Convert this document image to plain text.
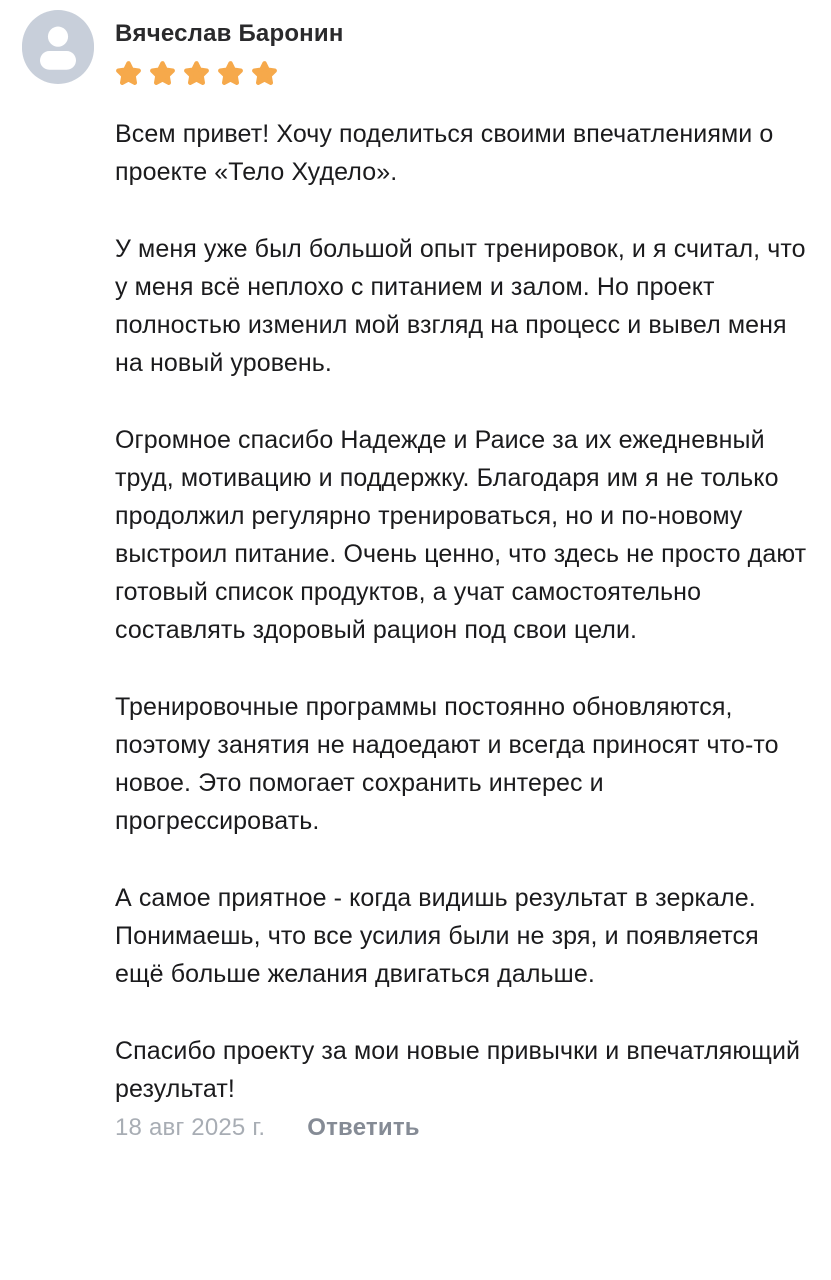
Вячеслав Баронин

Всем привет! Хочу поделиться своими впечатлениями о проекте «Тело Худело».

У меня уже был большой опыт тренировок, и я считал, что у меня всё неплохо с питанием и залом. Но проект полностью изменил мой взгляд на процесс и вывел меня на новый уровень.

Огромное спасибо Надежде и Раисе за их ежедневный труд, мотивацию и поддержку. Благодаря им я не только продолжил регулярно тренироваться, но и по-новому выстроил питание. Очень ценно, что здесь не просто дают готовый список продуктов, а учат самостоятельно составлять здоровый рацион под свои цели.

Тренировочные программы постоянно обновляются, поэтому занятия не надоедают и всегда приносят что-то новое. Это помогает сохранить интерес и прогрессировать.

А самое приятное - когда видишь результат в зеркале. Понимаешь, что все усилия были не зря, и появляется ещё больше желания двигаться дальше.

Спасибо проекту за мои новые привычки и впечатляющий результат!

18 авг 2025 г. Ответить
